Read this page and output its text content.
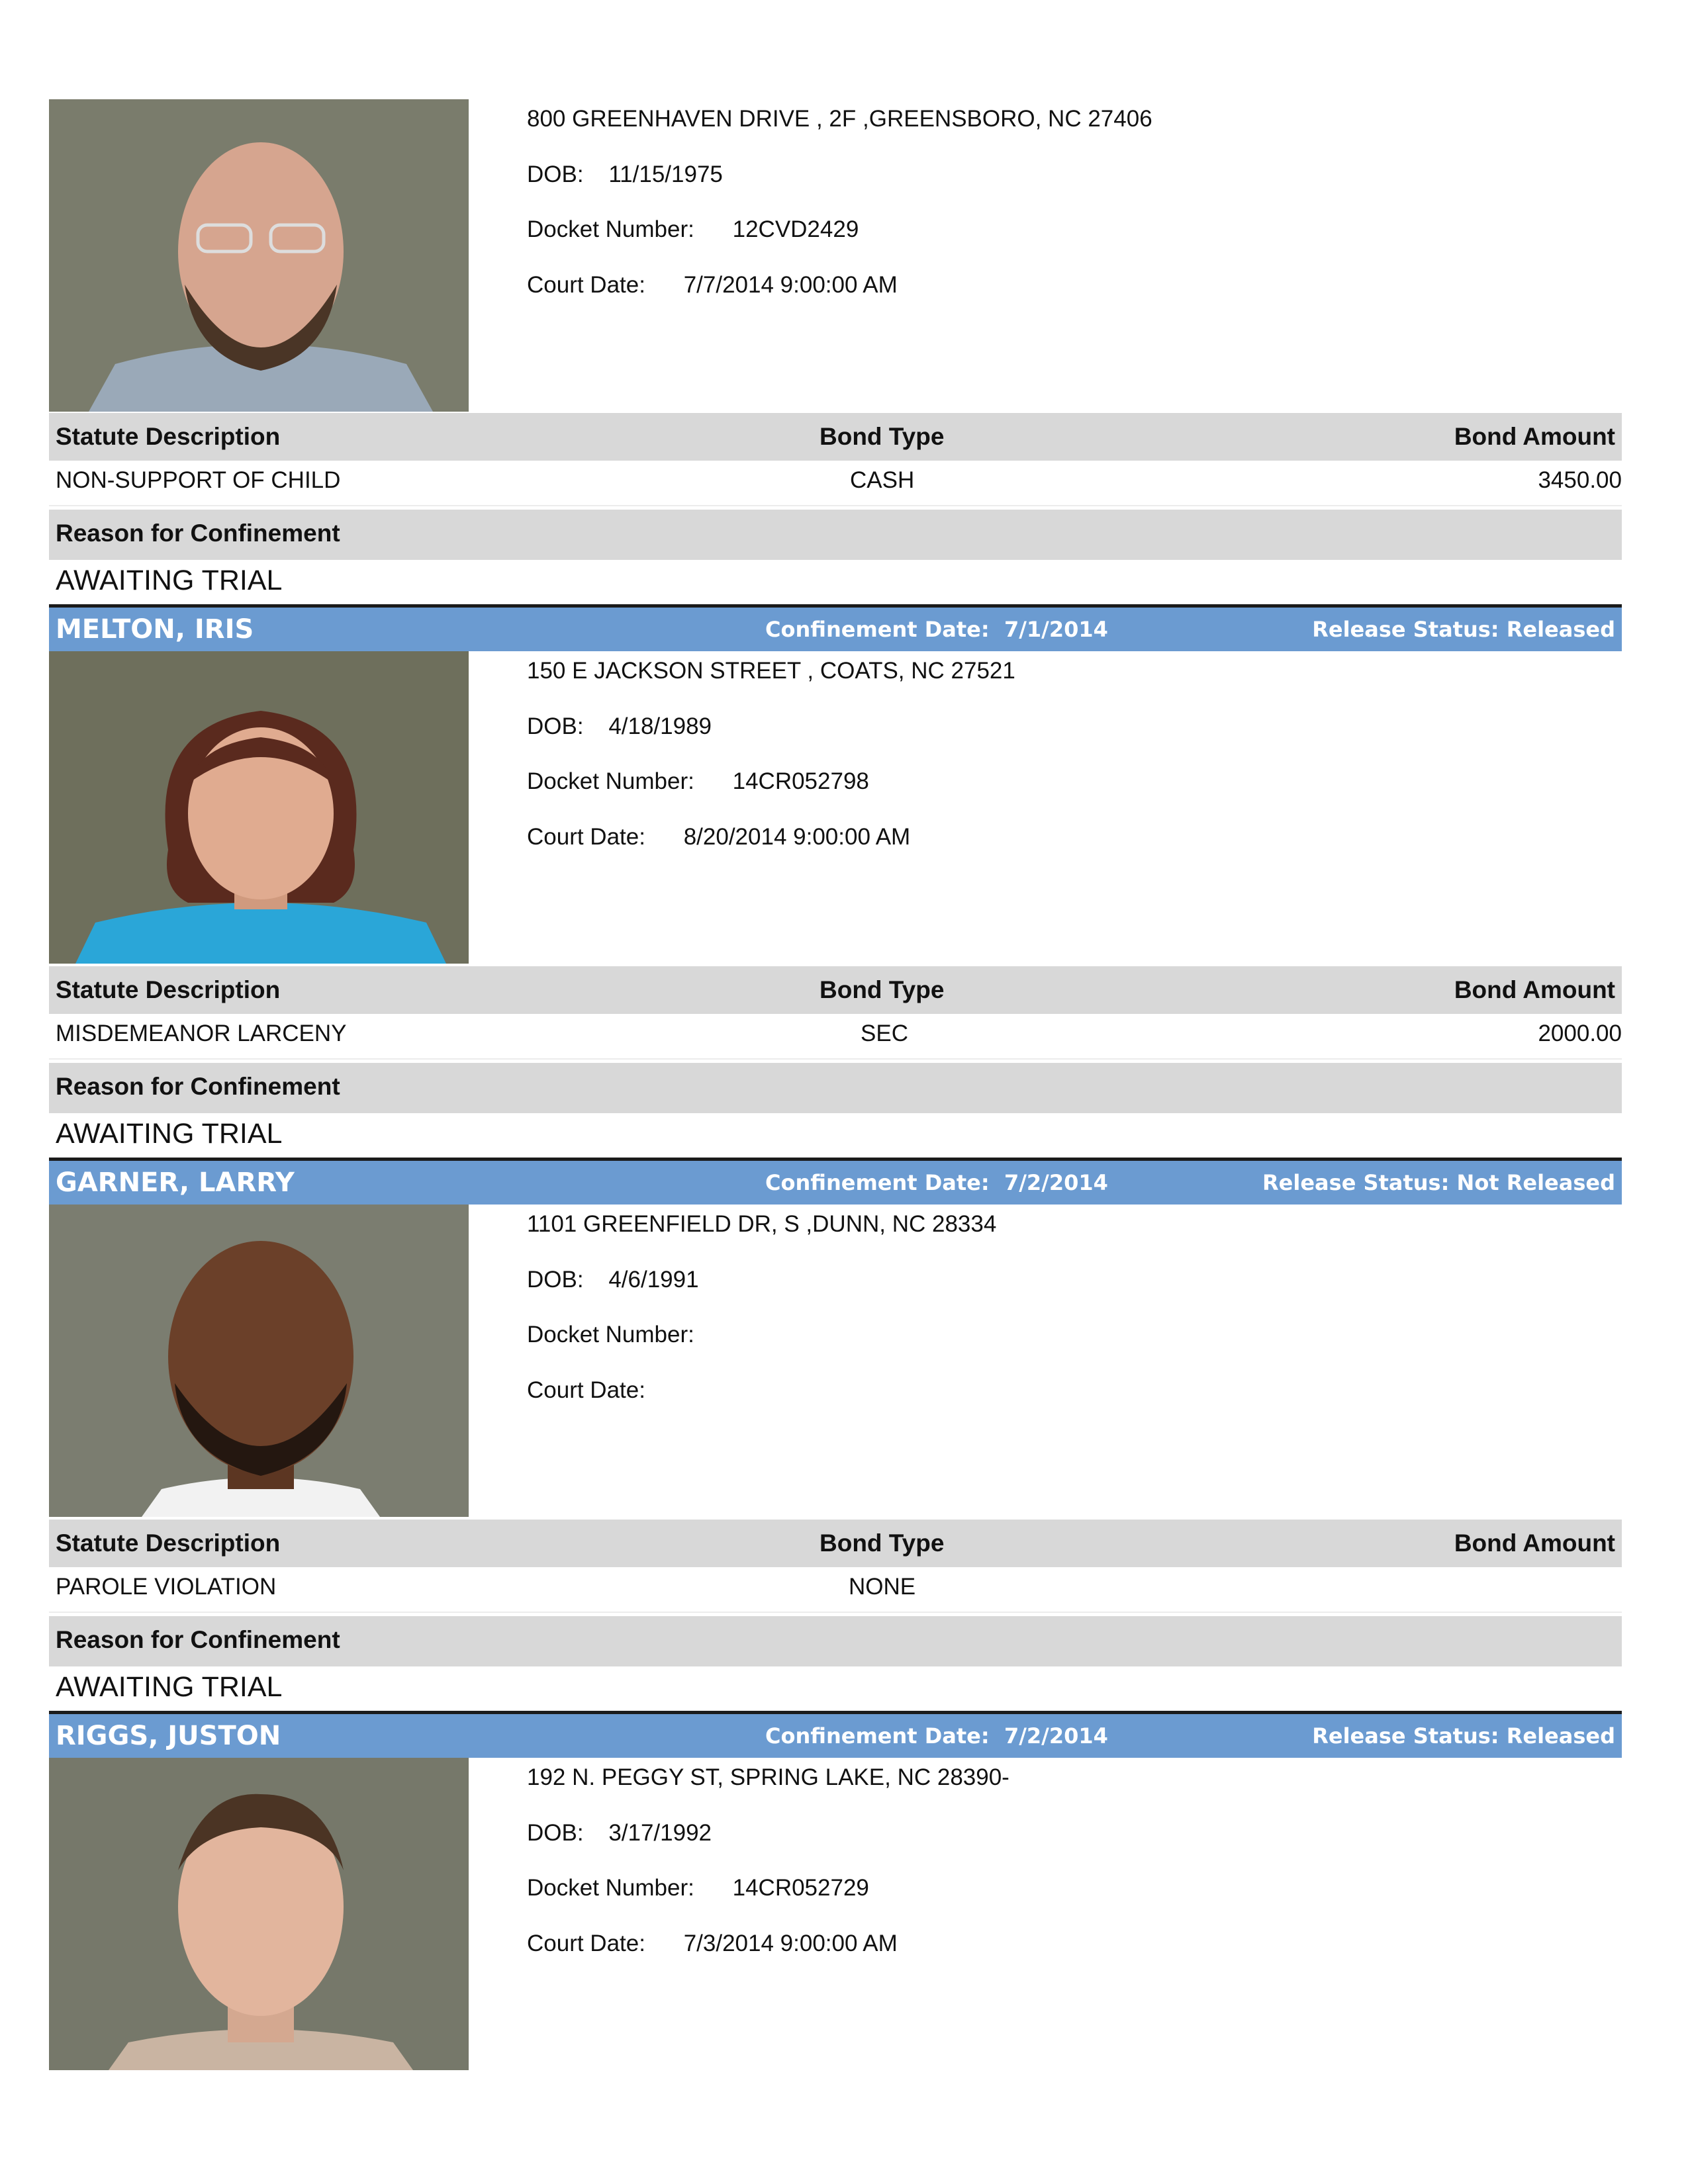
800 GREENHAVEN DRIVE , 2F ,GREENSBORO, NC 27406
DOB: 11/15/1975
Docket Number: 12CVD2429
Court Date: 7/7/2014 9:00:00 AM
Statute Description	Bond Type	Bond Amount
NON-SUPPORT OF CHILD	CASH	3450.00
Reason for Confinement
AWAITING TRIAL
MELTON, IRIS	Confinement Date: 7/1/2014	Release Status: Released
150 E JACKSON STREET , COATS, NC 27521
DOB: 4/18/1989
Docket Number: 14CR052798
Court Date: 8/20/2014 9:00:00 AM
Statute Description	Bond Type	Bond Amount
MISDEMEANOR LARCENY	SEC	2000.00
Reason for Confinement
AWAITING TRIAL
GARNER, LARRY	Confinement Date: 7/2/2014	Release Status: Not Released
1101 GREENFIELD DR, S ,DUNN, NC 28334
DOB: 4/6/1991
Docket Number:
Court Date:
Statute Description	Bond Type	Bond Amount
PAROLE VIOLATION	NONE
Reason for Confinement
AWAITING TRIAL
RIGGS, JUSTON	Confinement Date: 7/2/2014	Release Status: Released
192 N. PEGGY ST, SPRING LAKE, NC 28390-
DOB: 3/17/1992
Docket Number: 14CR052729
Court Date: 7/3/2014 9:00:00 AM
